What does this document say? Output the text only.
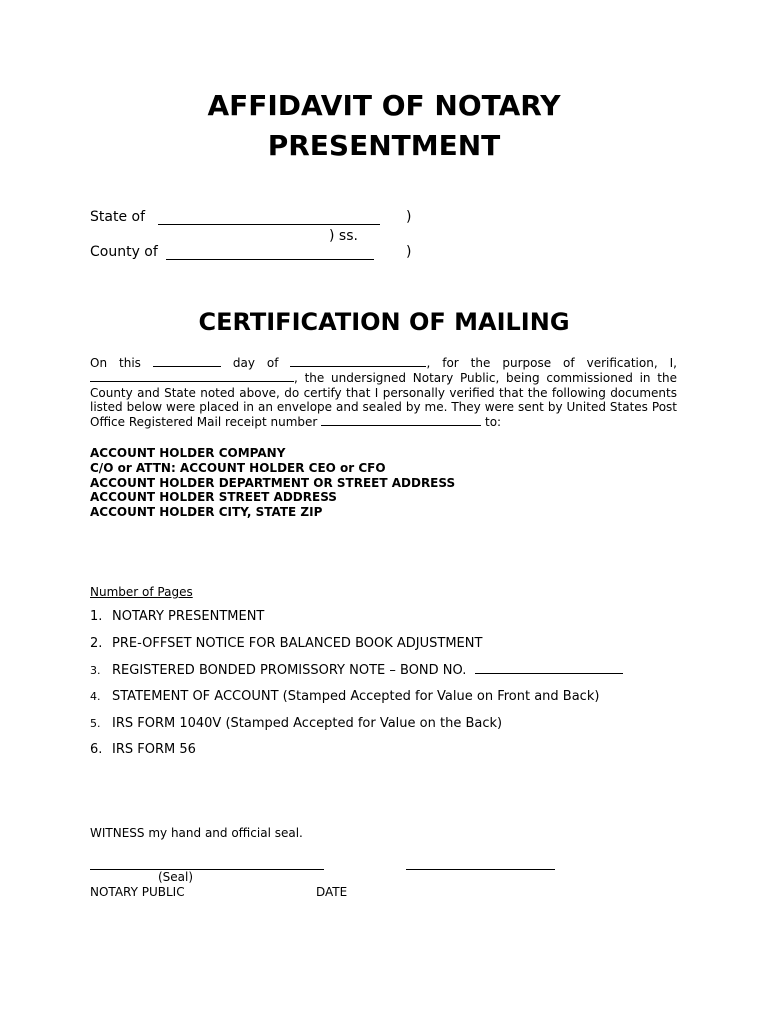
AFFIDAVIT OF NOTARY
PRESENTMENT
State of	)
) ss.
County of	)
CERTIFICATION OF MAILING
On this	day of	, for the purpose of verification, I, , the undersigned Notary Public, being commissioned in the County and State noted above, do certify that I personally verified that the following documents listed below were placed in an envelope and sealed by me. They were sent by United States Post Office Registered Mail receipt number	to:
ACCOUNT HOLDER COMPANY
C/O or ATTN: ACCOUNT HOLDER CEO or CFO
ACCOUNT HOLDER DEPARTMENT OR STREET ADDRESS
ACCOUNT HOLDER STREET ADDRESS
ACCOUNT HOLDER CITY, STATE ZIP
Number of Pages
1. NOTARY PRESENTMENT
2. PRE-OFFSET NOTICE FOR BALANCED BOOK ADJUSTMENT
3. REGISTERED BONDED PROMISSORY NOTE – BOND NO.
4. STATEMENT OF ACCOUNT (Stamped Accepted for Value on Front and Back)
5. IRS FORM 1040V (Stamped Accepted for Value on the Back)
6. IRS FORM 56
WITNESS my hand and official seal.
(Seal)
NOTARY PUBLIC	DATE
